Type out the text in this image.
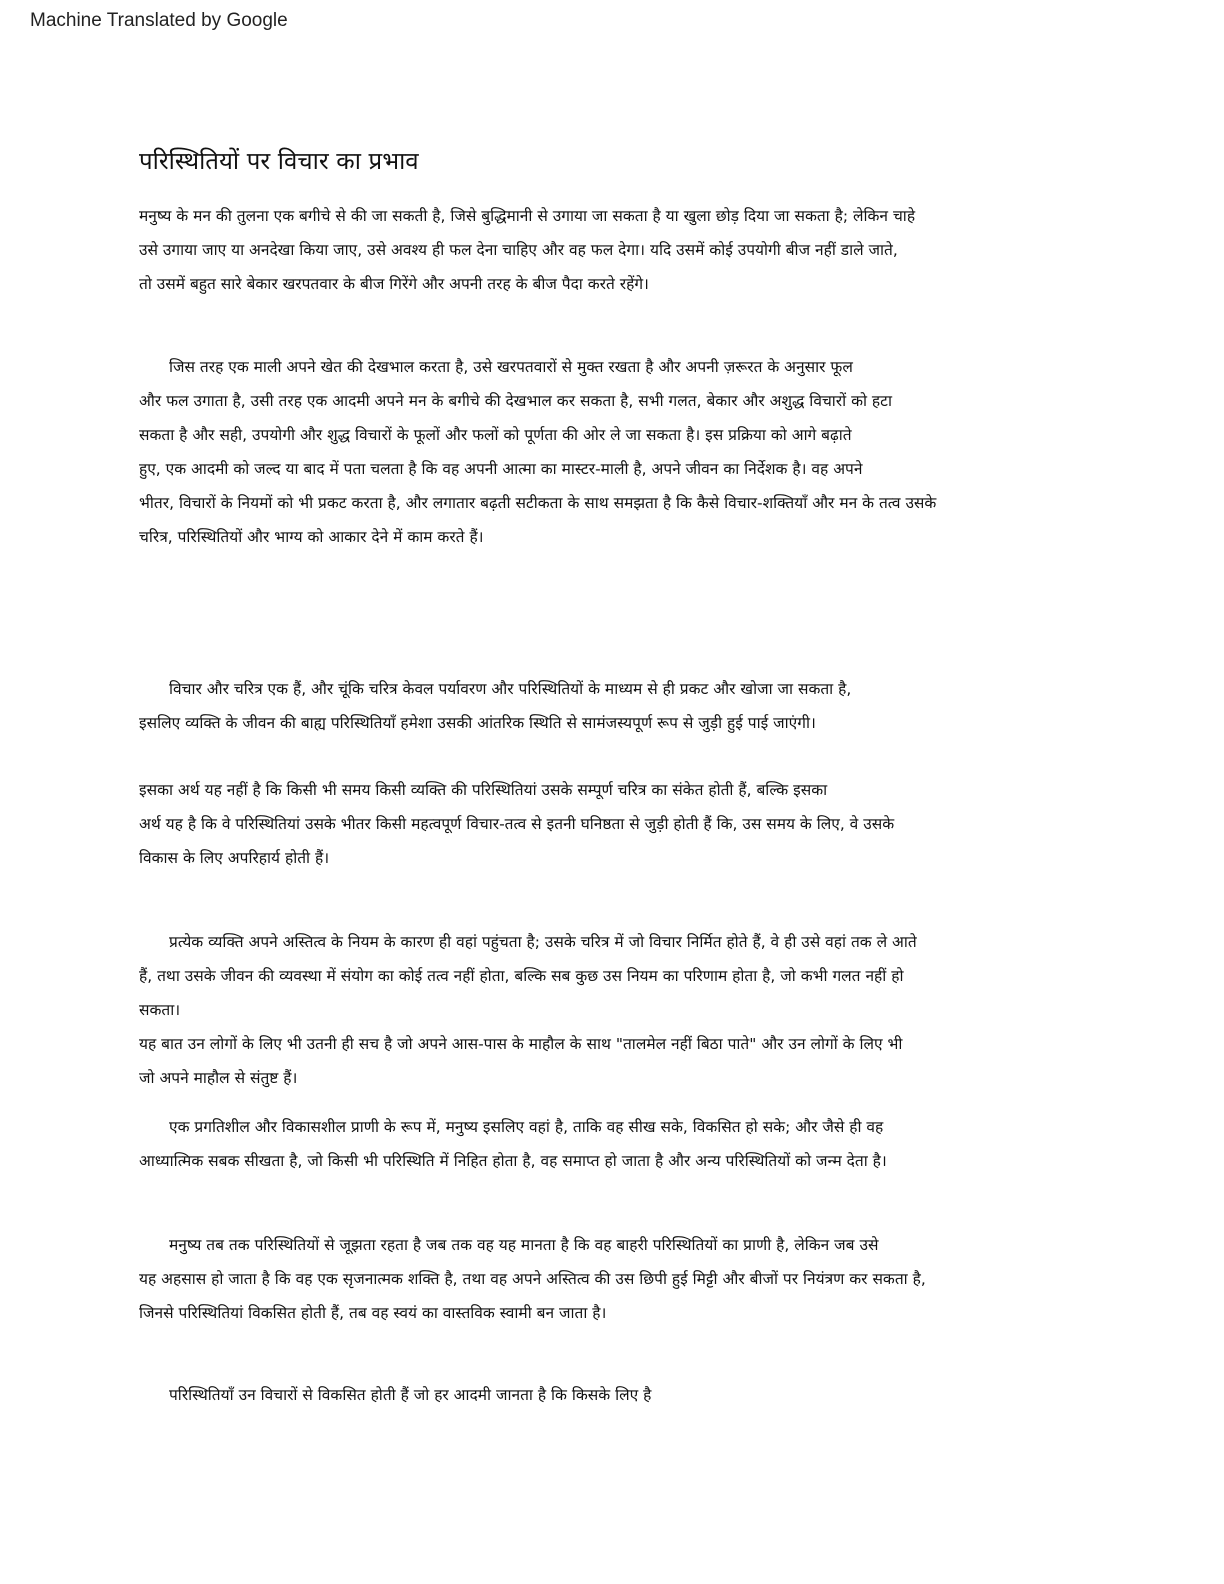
Machine Translated by Google
परिस्थितियों पर विचार का प्रभाव

मनुष्य के मन की तुलना एक बगीचे से की जा सकती है, जिसे बुद्धिमानी से उगाया जा सकता है या खुला छोड़ दिया जा सकता है; लेकिन चाहे
उसे उगाया जाए या अनदेखा किया जाए, उसे अवश्य ही फल देना चाहिए और वह फल देगा। यदि उसमें कोई उपयोगी बीज नहीं डाले जाते,
तो उसमें बहुत सारे बेकार खरपतवार के बीज गिरेंगे और अपनी तरह के बीज पैदा करते रहेंगे।

जिस तरह एक माली अपने खेत की देखभाल करता है, उसे खरपतवारों से मुक्त रखता है और अपनी ज़रूरत के अनुसार फूल
और फल उगाता है, उसी तरह एक आदमी अपने मन के बगीचे की देखभाल कर सकता है, सभी गलत, बेकार और अशुद्ध विचारों को हटा
सकता है और सही, उपयोगी और शुद्ध विचारों के फूलों और फलों को पूर्णता की ओर ले जा सकता है। इस प्रक्रिया को आगे बढ़ाते
हुए, एक आदमी को जल्द या बाद में पता चलता है कि वह अपनी आत्मा का मास्टर-माली है, अपने जीवन का निर्देशक है। वह अपने
भीतर, विचारों के नियमों को भी प्रकट करता है, और लगातार बढ़ती सटीकता के साथ समझता है कि कैसे विचार-शक्तियाँ और मन के तत्व उसके
चरित्र, परिस्थितियों और भाग्य को आकार देने में काम करते हैं।

विचार और चरित्र एक हैं, और चूंकि चरित्र केवल पर्यावरण और परिस्थितियों के माध्यम से ही प्रकट और खोजा जा सकता है,
इसलिए व्यक्ति के जीवन की बाह्य परिस्थितियाँ हमेशा उसकी आंतरिक स्थिति से सामंजस्यपूर्ण रूप से जुड़ी हुई पाई जाएंगी।

इसका अर्थ यह नहीं है कि किसी भी समय किसी व्यक्ति की परिस्थितियां उसके सम्पूर्ण चरित्र का संकेत होती हैं, बल्कि इसका
अर्थ यह है कि वे परिस्थितियां उसके भीतर किसी महत्वपूर्ण विचार-तत्व से इतनी घनिष्ठता से जुड़ी होती हैं कि, उस समय के लिए, वे उसके
विकास के लिए अपरिहार्य होती हैं।

प्रत्येक व्यक्ति अपने अस्तित्व के नियम के कारण ही वहां पहुंचता है; उसके चरित्र में जो विचार निर्मित होते हैं, वे ही उसे वहां तक ले आते
हैं, तथा उसके जीवन की व्यवस्था में संयोग का कोई तत्व नहीं होता, बल्कि सब कुछ उस नियम का परिणाम होता है, जो कभी गलत नहीं हो
सकता।
यह बात उन लोगों के लिए भी उतनी ही सच है जो अपने आस-पास के माहौल के साथ "तालमेल नहीं बिठा पाते" और उन लोगों के लिए भी
जो अपने माहौल से संतुष्ट हैं।

एक प्रगतिशील और विकासशील प्राणी के रूप में, मनुष्य इसलिए वहां है, ताकि वह सीख सके, विकसित हो सके; और जैसे ही वह
आध्यात्मिक सबक सीखता है, जो किसी भी परिस्थिति में निहित होता है, वह समाप्त हो जाता है और अन्य परिस्थितियों को जन्म देता है।

मनुष्य तब तक परिस्थितियों से जूझता रहता है जब तक वह यह मानता है कि वह बाहरी परिस्थितियों का प्राणी है, लेकिन जब उसे
यह अहसास हो जाता है कि वह एक सृजनात्मक शक्ति है, तथा वह अपने अस्तित्व की उस छिपी हुई मिट्टी और बीजों पर नियंत्रण कर सकता है,
जिनसे परिस्थितियां विकसित होती हैं, तब वह स्वयं का वास्तविक स्वामी बन जाता है।

परिस्थितियाँ उन विचारों से विकसित होती हैं जो हर आदमी जानता है कि किसके लिए है
